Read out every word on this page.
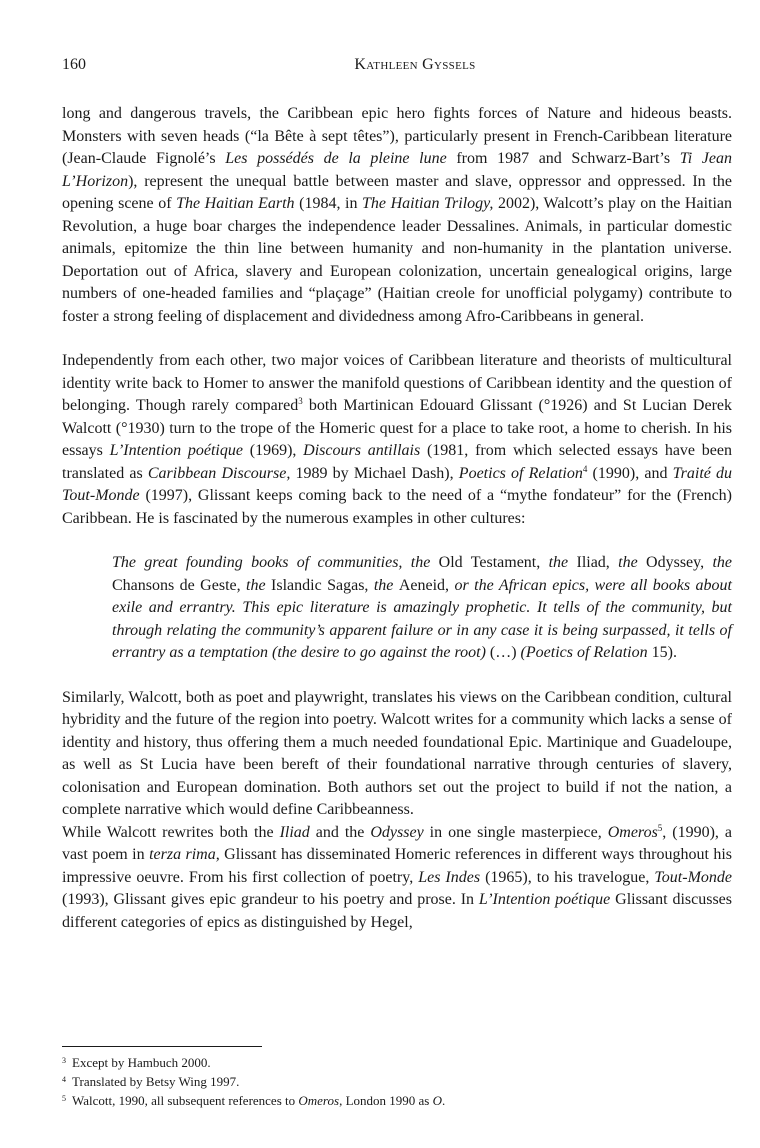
160	Kathleen Gyssels

long and dangerous travels, the Caribbean epic hero fights forces of Nature and hideous beasts. Monsters with seven heads (“la Bête à sept têtes”), particularly present in French-Caribbean literature (Jean-Claude Fignolé’s Les possédés de la pleine lune from 1987 and Schwarz-Bart’s Ti Jean L’Horizon), represent the unequal battle between master and slave, oppressor and oppressed. In the opening scene of The Haitian Earth (1984, in The Haitian Trilogy, 2002), Walcott’s play on the Haitian Revolution, a huge boar charges the independence leader Dessalines. Animals, in particular domestic animals, epitomize the thin line between humanity and non-humanity in the plantation universe. Deportation out of Africa, slavery and European colonization, uncertain genealogical origins, large numbers of one-headed families and “plaçage” (Haitian creole for unofficial polygamy) contribute to foster a strong feeling of displacement and dividedness among Afro-Caribbeans in general.

Independently from each other, two major voices of Caribbean literature and theorists of multicultural identity write back to Homer to answer the manifold questions of Caribbean identity and the question of belonging. Though rarely compared$^3$ both Martinican Edouard Glissant (°1926) and St Lucian Derek Walcott (°1930) turn to the trope of the Homeric quest for a place to take root, a home to cherish. In his essays L’Intention poétique (1969), Discours antillais (1981, from which selected essays have been translated as Caribbean Discourse, 1989 by Michael Dash), Poetics of Relation$^4$ (1990), and Traité du Tout-Monde (1997), Glissant keeps coming back to the need of a “mythe fondateur” for the (French) Caribbean. He is fascinated by the numerous examples in other cultures:

The great founding books of communities, the Old Testament, the Iliad, the Odyssey, the Chansons de Geste, the Islandic Sagas, the Aeneid, or the African epics, were all books about exile and errantry. This epic literature is amazingly prophetic. It tells of the community, but through relating the community’s apparent failure or in any case it is being surpassed, it tells of errantry as a temptation (the desire to go against the root) (…) (Poetics of Relation 15).

Similarly, Walcott, both as poet and playwright, translates his views on the Caribbean condition, cultural hybridity and the future of the region into poetry. Walcott writes for a community which lacks a sense of identity and history, thus offering them a much needed foundational Epic. Martinique and Guadeloupe, as well as St Lucia have been bereft of their foundational narrative through centuries of slavery, colonisation and European domination. Both authors set out the project to build if not the nation, a complete narrative which would define Caribbeanness.

While Walcott rewrites both the Iliad and the Odyssey in one single masterpiece, Omeros$^5$, (1990), a vast poem in terza rima, Glissant has disseminated Homeric references in different ways throughout his impressive oeuvre. From his first collection of poetry, Les Indes (1965), to his travelogue, Tout-Monde (1993), Glissant gives epic grandeur to his poetry and prose. In L’Intention poétique Glissant discusses different categories of epics as distinguished by Hegel,

$^3$ Except by Hambuch 2000.
$^4$ Translated by Betsy Wing 1997.
$^5$ Walcott, 1990, all subsequent references to Omeros, London 1990 as O.
